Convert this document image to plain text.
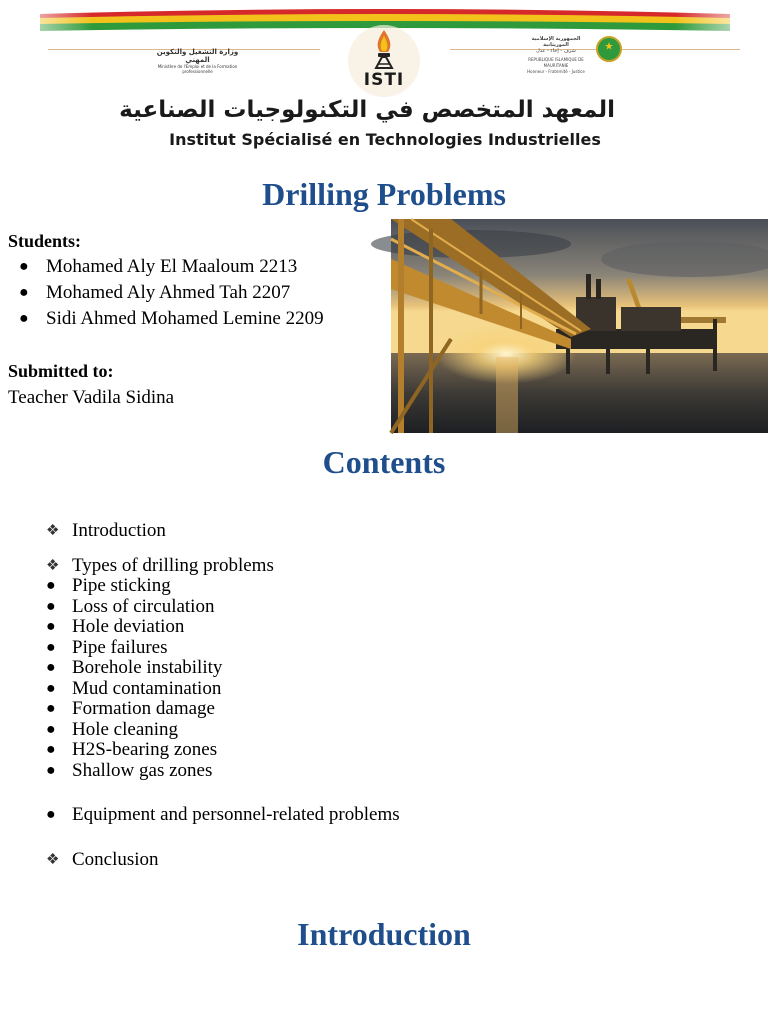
وزارة التشغيل والتكوين المهني
Ministère de l'Emploi et de la Formation professionnelle
الجمهورية الإسلامية الموريتانية
شرف - إخاء - عدل
REPUBLIQUE ISLAMIQUE DE MAURITANIE
Honneur - Fraternité - Justice
ISTI
المعهد المتخصص في التكنولوجيات الصناعية
Institut Spécialisé en Technologies Industrielles
Drilling Problems
Students:
● Mohamed Aly El Maaloum 2213
● Mohamed Aly Ahmed Tah 2207
● Sidi Ahmed Mohamed Lemine 2209
Submitted to:
Teacher Vadila Sidina
Contents
❖ Introduction
❖ Types of drilling problems
● Pipe sticking
● Loss of circulation
● Hole deviation
● Pipe failures
● Borehole instability
● Mud contamination
● Formation damage
● Hole cleaning
● H2S-bearing zones
● Shallow gas zones
● Equipment and personnel-related problems
❖ Conclusion
Introduction
